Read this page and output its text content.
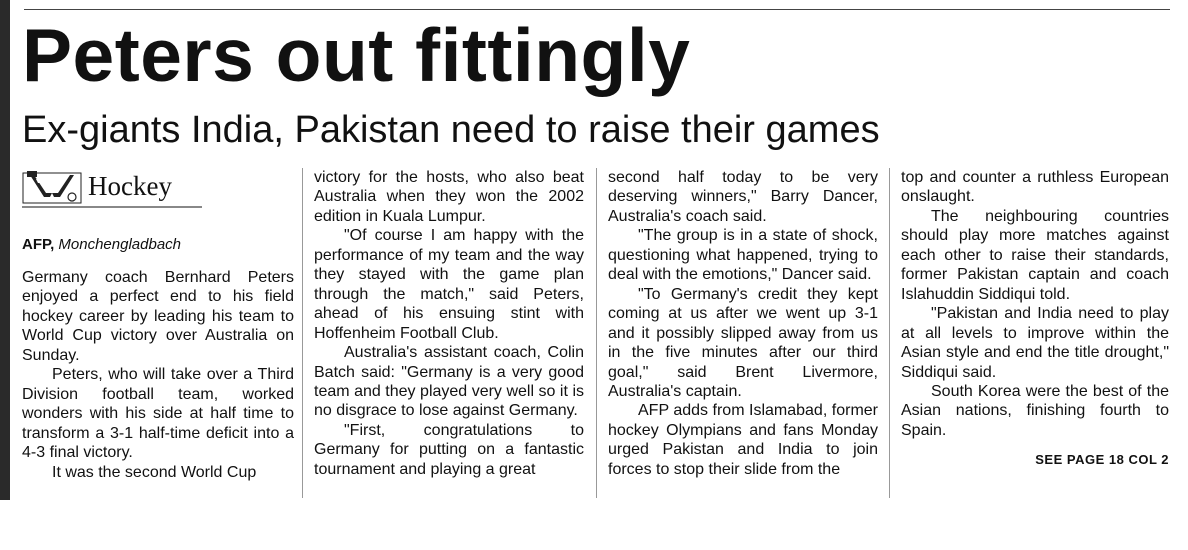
Peters out fittingly
Ex-giants India, Pakistan need to raise their games
Hockey
AFP, Monchengladbach

Germany coach Bernhard Peters enjoyed a perfect end to his field hockey career by leading his team to World Cup victory over Australia on Sunday.

Peters, who will take over a Third Division football team, worked wonders with his side at half time to transform a 3-1 half-time deficit into a 4-3 final victory.

It was the second World Cup

victory for the hosts, who also beat Australia when they won the 2002 edition in Kuala Lumpur.

"Of course I am happy with the performance of my team and the way they stayed with the game plan through the match," said Peters, ahead of his ensuing stint with Hoffenheim Football Club.

Australia's assistant coach, Colin Batch said: "Germany is a very good team and they played very well so it is no disgrace to lose against Germany.

"First, congratulations to Germany for putting on a fantastic tournament and playing a great

second half today to be very deserving winners," Barry Dancer, Australia's coach said.

"The group is in a state of shock, questioning what happened, trying to deal with the emotions," Dancer said.

"To Germany's credit they kept coming at us after we went up 3-1 and it possibly slipped away from us in the five minutes after our third goal," said Brent Livermore, Australia's captain.

AFP adds from Islamabad, former hockey Olympians and fans Monday urged Pakistan and India to join forces to stop their slide from the

top and counter a ruthless European onslaught.

The neighbouring countries should play more matches against each other to raise their standards, former Pakistan captain and coach Islahuddin Siddiqui told.

"Pakistan and India need to play at all levels to improve within the Asian style and end the title drought," Siddiqui said.

South Korea were the best of the Asian nations, finishing fourth to Spain.

SEE PAGE 18 COL 2
